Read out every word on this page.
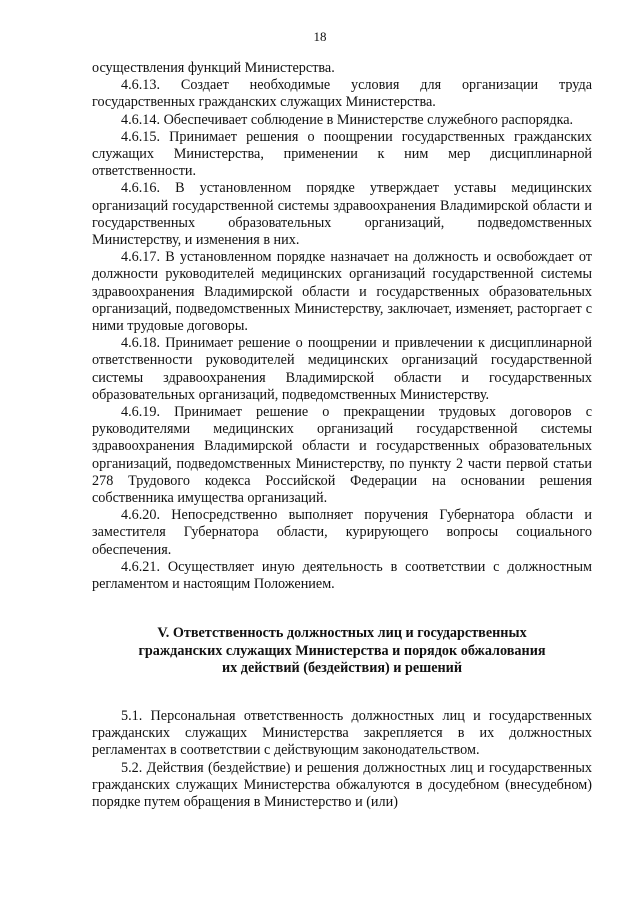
18

осуществления функций Министерства.

4.6.13. Создает необходимые условия для организации труда государственных гражданских служащих Министерства.

4.6.14. Обеспечивает соблюдение в Министерстве служебного распорядка.

4.6.15. Принимает решения о поощрении государственных гражданских служащих Министерства, применении к ним мер дисциплинарной ответственности.

4.6.16. В установленном порядке утверждает уставы медицинских организаций государственной системы здравоохранения Владимирской области и государственных образовательных организаций, подведомственных Министерству, и изменения в них.

4.6.17. В установленном порядке назначает на должность и освобождает от должности руководителей медицинских организаций государственной системы здравоохранения Владимирской области и государственных образовательных организаций, подведомственных Министерству, заключает, изменяет, расторгает с ними трудовые договоры.

4.6.18. Принимает решение о поощрении и привлечении к дисциплинарной ответственности руководителей медицинских организаций государственной системы здравоохранения Владимирской области и государственных образовательных организаций, подведомственных Министерству.

4.6.19. Принимает решение о прекращении трудовых договоров с руководителями медицинских организаций государственной системы здравоохранения Владимирской области и государственных образовательных организаций, подведомственных Министерству, по пункту 2 части первой статьи 278 Трудового кодекса Российской Федерации на основании решения собственника имущества организаций.

4.6.20. Непосредственно выполняет поручения Губернатора области и заместителя Губернатора области, курирующего вопросы социального обеспечения.

4.6.21. Осуществляет иную деятельность в соответствии с должностным регламентом и настоящим Положением.

V. Ответственность должностных лиц и государственных
гражданских служащих Министерства и порядок обжалования
их действий (бездействия) и решений

5.1. Персональная ответственность должностных лиц и государственных гражданских служащих Министерства закрепляется в их должностных регламентах в соответствии с действующим законодательством.

5.2. Действия (бездействие) и решения должностных лиц и государственных гражданских служащих Министерства обжалуются в досудебном (внесудебном) порядке путем обращения в Министерство и (или)
